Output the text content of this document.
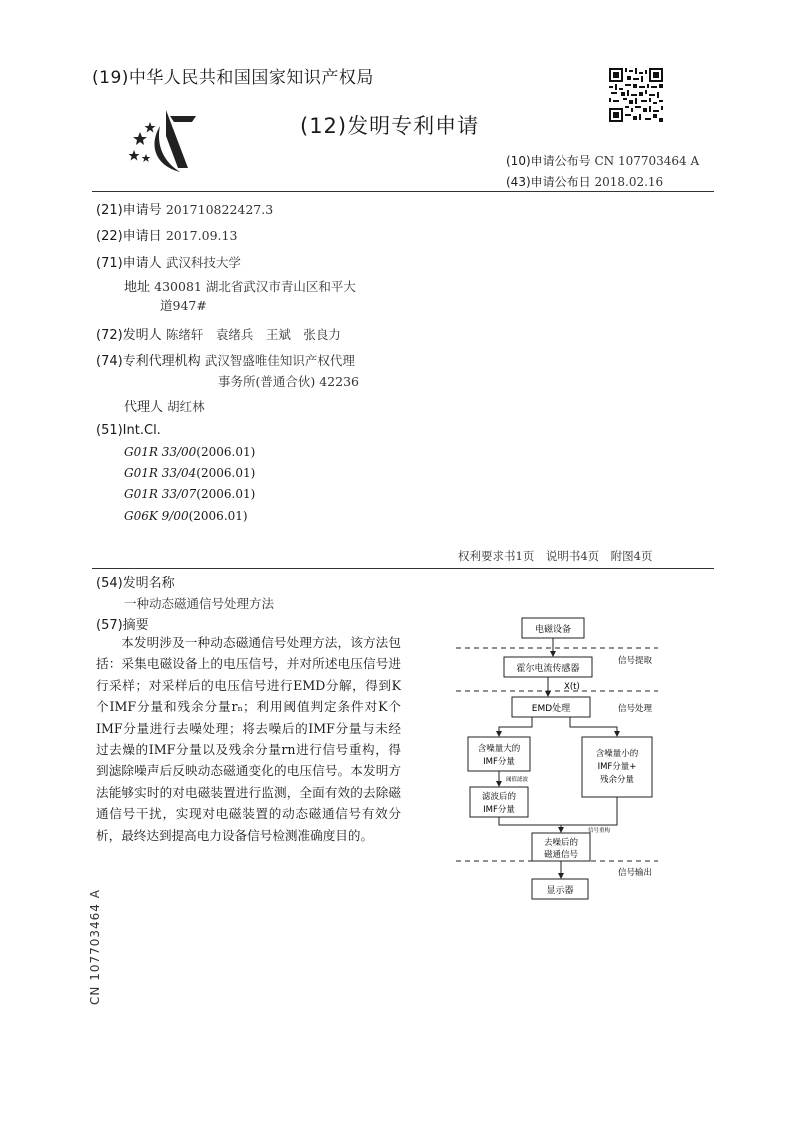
(19)中华人民共和国国家知识产权局
(12)发明专利申请
(10)申请公布号 CN 107703464 A
(43)申请公布日 2018.02.16
(21)申请号 201710822427.3
(22)申请日 2017.09.13
(71)申请人 武汉科技大学
地址 430081 湖北省武汉市青山区和平大
道947#
(72)发明人 陈绪轩　袁绪兵　王斌　张良力
(74)专利代理机构 武汉智盛唯佳知识产权代理
事务所(普通合伙) 42236
代理人 胡红林
(51)Int.Cl.
G01R 33/00(2006.01)
G01R 33/04(2006.01)
G01R 33/07(2006.01)
G06K 9/00(2006.01)
权利要求书1页　说明书4页　附图4页
(54)发明名称
一种动态磁通信号处理方法
(57)摘要
本发明涉及一种动态磁通信号处理方法，该方法包括：采集电磁设备上的电压信号，并对所述电压信号进行采样；对采样后的电压信号进行EMD分解，得到K个IMF分量和残余分量rₙ；利用阈值判定条件对K个IMF分量进行去噪处理；将去噪后的IMF分量与未经过去燥的IMF分量以及残余分量rn进行信号重构，得到滤除噪声后反映动态磁通变化的电压信号。本发明方法能够实时的对电磁装置进行监测，全面有效的去除磁通信号干扰，实现对电磁装置的动态磁通信号有效分析，最终达到提高电力设备信号检测准确度目的。
电磁设备
霍尔电流传感器
EMD处理
含噪量大的
IMF分量
含噪量小的
IMF分量+
残余分量
滤波后的
IMF分量
去噪后的
磁通信号
显示器
X(t)
阈值滤波
信号重构
信号提取
信号处理
信号输出
CN 107703464 A
